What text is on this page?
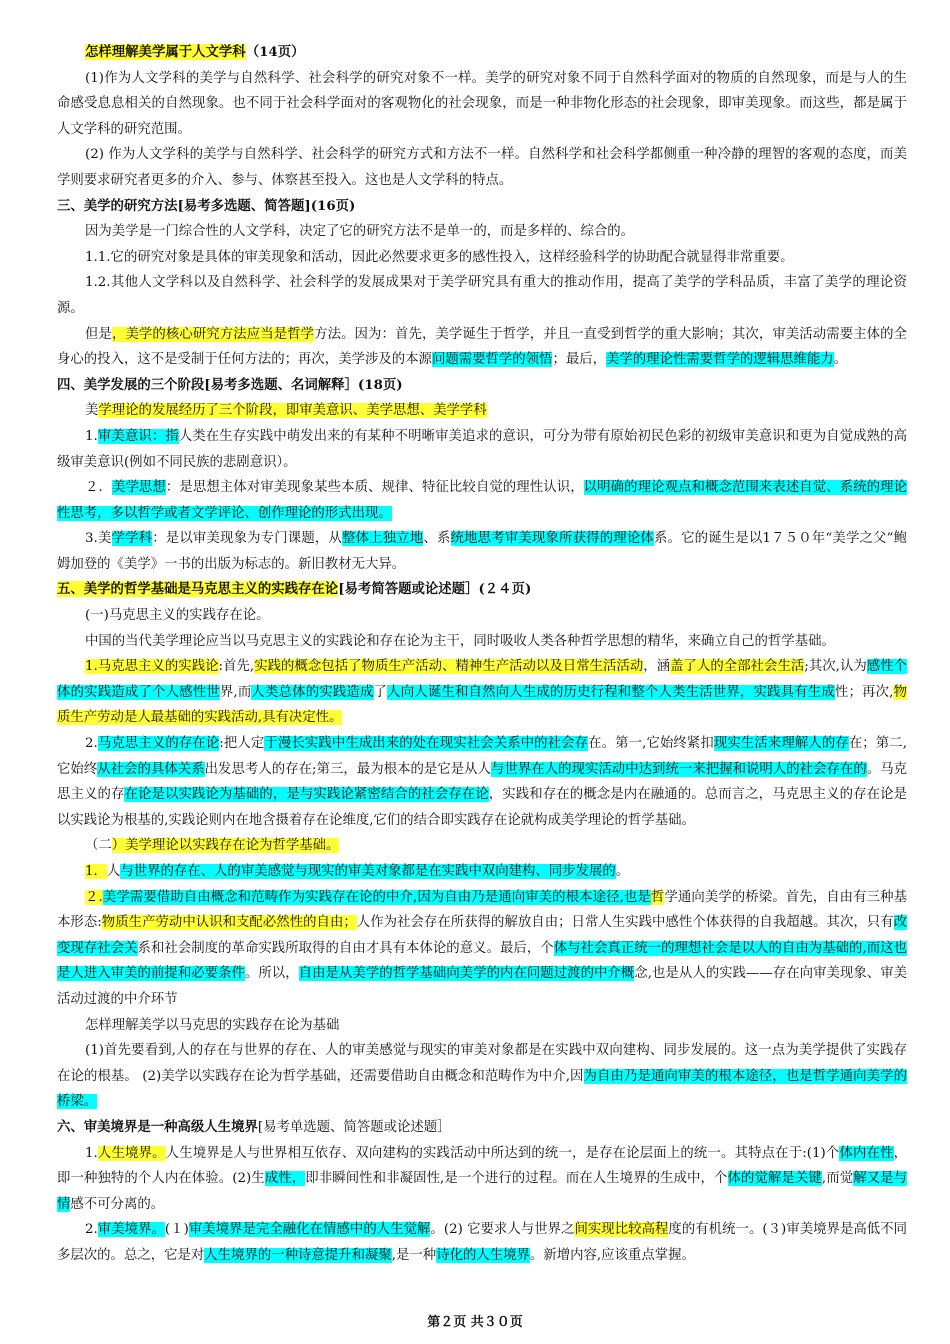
怎样理解美学属于人文学科（14页）

(1)作为人文学科的美学与自然科学、社会科学的研究对象不一样。美学的研究对象不同于自然科学面对的物质的自然现象，而是与人的生命感受息息相关的自然现象。也不同于社会科学面对的客观物化的社会现象，而是一种非物化形态的社会现象，即审美现象。而这些，都是属于人文学科的研究范围。

(2) 作为人文学科的美学与自然科学、社会科学的研究方式和方法不一样。自然科学和社会科学都侧重一种冷静的理智的客观的态度，而美学则要求研究者更多的介入、参与、体察甚至投入。这也是人文学科的特点。

三、美学的研究方法[易考多选题、简答题](16页)

因为美学是一门综合性的人文学科，决定了它的研究方法不是单一的，而是多样的、综合的。

1.1.它的研究对象是具体的审美现象和活动，因此必然要求更多的感性投入，这样经验科学的协助配合就显得非常重要。

1.2.其他人文学科以及自然科学、社会科学的发展成果对于美学研究具有重大的推动作用，提高了美学的学科品质，丰富了美学的理论资源。

但是，美学的核心研究方法应当是哲学方法。因为：首先，美学诞生于哲学，并且一直受到哲学的重大影响；其次，审美活动需要主体的全身心的投入，这不是受制于任何方法的；再次，美学涉及的本源问题需要哲学的领悟；最后，美学的理论性需要哲学的逻辑思维能力。

四、美学发展的三个阶段[易考多选题、名词解释］(18页)

美学理论的发展经历了三个阶段，即审美意识、美学思想、美学学科

1.审美意识：指人类在生存实践中萌发出来的有某种不明晰审美追求的意识，可分为带有原始初民色彩的初级审美意识和更为自觉成熟的高级审美意识(例如不同民族的悲剧意识）。

２．美学思想：是思想主体对审美现象某些本质、规律、特征比较自觉的理性认识，以明确的理论观点和概念范围来表述自觉、系统的理论性思考，多以哲学或者文学评论、创作理论的形式出现。

3.美学学科：是以审美现象为专门课题，从整体上独立地、系统地思考审美现象所获得的理论体系。它的诞生是以1７５０年“美学之父”鲍姆加登的《美学》一书的出版为标志的。新旧教材无大异。

五、美学的哲学基础是马克思主义的实践存在论[易考简答题或论述题］(２４页)

(一)马克思主义的实践存在论。

中国的当代美学理论应当以马克思主义的实践论和存在论为主干，同时吸收人类各种哲学思想的精华，来确立自己的哲学基础。

1.马克思主义的实践论:首先,实践的概念包括了物质生产活动、精神生产活动以及日常生活活动，涵盖了人的全部社会生活;其次,认为感性个体的实践造成了个人感性世界,而人类总体的实践造成了人向人诞生和自然向人生成的历史行程和整个人类生活世界，实践具有生成性；再次,物质生产劳动是人最基础的实践活动,具有决定性。

2.马克思主义的存在论:把人定于漫长实践中生成出来的处在现实社会关系中的社会存在。第一,它始终紧扣现实生活来理解人的存在；第二,它始终从社会的具体关系出发思考人的存在;第三，最为根本的是它是从人与世界在人的现实活动中达到统一来把握和说明人的社会存在的。马克思主义的存在论是以实践论为基础的，是与实践论紧密结合的社会存在论，实践和存在的概念是内在融通的。总而言之，马克思主义的存在论是以实践论为根基的,实践论则内在地含摄着存在论维度,它们的结合即实践存在论就构成美学理论的哲学基础。

（二）美学理论以实践存在论为哲学基础。

1．人与世界的存在、人的审美感觉与现实的审美对象都是在实践中双向建构、同步发展的。

２.美学需要借助自由概念和范畴作为实践存在论的中介,因为自由乃是通向审美的根本途径,也是哲学通向美学的桥梁。首先，自由有三种基本形态:物质生产劳动中认识和支配必然性的自由；人作为社会存在所获得的解放自由；日常人生实践中感性个体获得的自我超越。其次，只有改变现存社会关系和社会制度的革命实践所取得的自由才具有本体论的意义。最后，个体与社会真正统一的理想社会是以人的自由为基础的,而这也是人进入审美的前提和必要条件。所以，自由是从美学的哲学基础向美学的内在问题过渡的中介概念,也是从人的实践——存在向审美现象、审美活动过渡的中介环节

怎样理解美学以马克思的实践存在论为基础

(1)首先要看到,人的存在与世界的存在、人的审美感觉与现实的审美对象都是在实践中双向建构、同步发展的。这一点为美学提供了实践存在论的根基。 (2)美学以实践存在论为哲学基础，还需要借助自由概念和范畴作为中介,因为自由乃是通向审美的根本途径，也是哲学通向美学的桥梁。

六、审美境界是一种高级人生境界[易考单选题、简答题或论述题］

1.人生境界。人生境界是人与世界相互依存、双向建构的实践活动中所达到的统一，是存在论层面上的统一。其特点在于:(1)个体内在性，即一种独特的个人内在体验。(2)生成性，即非瞬间性和非凝固性,是一个进行的过程。而在人生境界的生成中，个体的觉解是关键,而觉解又是与情感不可分离的。

2.审美境界。(１)审美境界是完全融化在情感中的人生觉解。(2) 它要求人与世界之间实现比较高程度的有机统一。(３)审美境界是高低不同多层次的。总之，它是对人生境界的一种诗意提升和凝聚,是一种诗化的人生境界。新增内容,应该重点掌握。

第２页 共３０页
